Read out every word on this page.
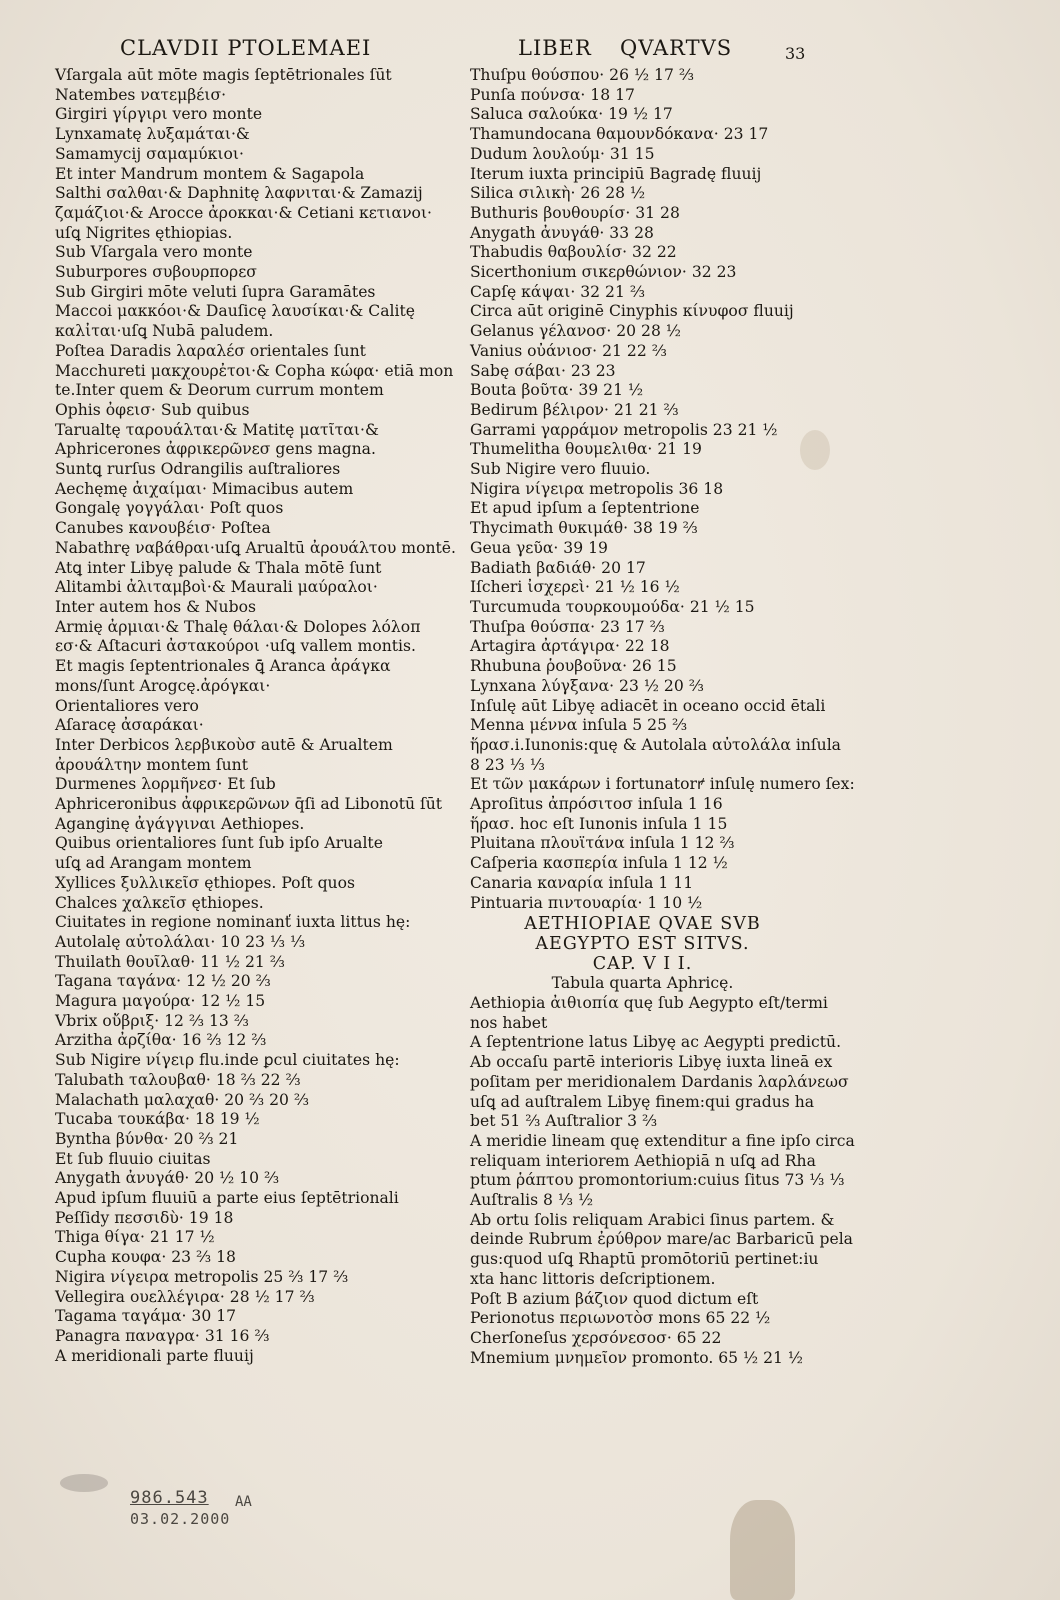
CLAVDII PTOLEMAEI	LIBER QVARTVS	33
Vſargala aūt mōte magis ſeptētrionales ſūt
Natembes νατεμβέισ·
Girgiri γίργιρι vero monte
Lynxamatę λυξαμάται·&
Samamycij σαμαμύκιοι·
Et inter Mandrum montem & Sagapola
Salthi σαλθαι·& Daphnitę λαφνιται·& Zamazij
ζαμάζιοι·& Arocce ἀροκκαι·& Cetiani κετιανοι·
uſꝗ Nigrites ęthiopias.
Sub Vſargala vero monte
Suburpores συβουρπορεσ
Sub Girgiri mōte veluti ſupra Garamātes
Maccoi μακκόοι·& Dauſicę λαυσίκαι·& Calitę
καλἰται·uſꝗ Nubā paludem.
Poſtea Daradis λαραλέσ orientales ſunt
Macchureti μακχουρἐτοι·& Copha κώφα· etiā mon
te.Inter quem & Deorum currum montem
Ophis ὀφεισ· Sub quibus
Tarualtę ταρουάλται·& Matitę ματῖται·&
Aphricerones ἀφρικερῶνεσ gens magna.
Suntꝗ rurſus Odrangilis auſtraliores
Aechęmę ἀιχαίμαι· Mimacibus autem
Gongalę γογγάλαι· Poſt quos
Canubes κανουβέισ· Poſtea
Nabathrę ναβάθραι·uſꝗ Arualtū ἀρουάλτου montē.
Atꝗ inter Libyę palude & Thala mōtē ſunt
Alitambi ἀλιταμβοὶ·& Maurali μαύραλοι·
Inter autem hos & Nubos
Armię ἀρμιαι·& Thalę θάλαι·& Dolopes λόλοπ
εσ·& Aſtacuri ἀστακούροι ·uſꝗ vallem montis.
Et magis ſeptentrionales ꝗ̄ Aranca ἀράγκα
mons/ſunt Arogcę.ἀρόγκαι·
Orientaliores vero
Aſaracę ἀσαράκαι·
Inter Derbicos λερβικοὺσ autē & Arualtem
ἀρουάλτην montem ſunt
Durmenes λορμῆνεσ· Et ſub
Aphriceronibus ἀφρικερῶνων q̄ſi ad Libonotū ſūt
Aganginę ἀγάγγιναι Aethiopes.
Quibus orientaliores ſunt ſub ipſo Arualte
uſꝗ ad Arangam montem
Xyllices ξυλλικεῖσ ęthiopes. Poſt quos
Chalces χαλκεῖσ ęthiopes.
Ciuitates in regione nominanť iuxta littus hę:
Autolalę αὐτολάλαι· 10 23 ⅓ ⅓
Thuilath θουῖλαθ· 11 ½ 21 ⅔
Tagana ταγάνα· 12 ½ 20 ⅔
Magura μαγούρα· 12 ½ 15
Vbrix οὔβριξ· 12 ⅔ 13 ⅔
Arzitha ἀρζίθα· 16 ⅔ 12 ⅔
Sub Nigire νίγειρ flu.inde ꝑcul ciuitates hę:
Talubath ταλουβαθ· 18 ⅔ 22 ⅔
Malachath μαλαχαθ· 20 ⅔ 20 ⅔
Tucaba τουκάβα· 18 19 ½
Byntha βύνθα· 20 ⅔ 21
Et ſub fluuio ciuitas
Anygath ἀνυγάθ· 20 ½ 10 ⅔
Apud ipſum fluuiū a parte eius ſeptētrionali
Peſſidy πεσσιδὺ· 19 18
Thiga θίγα· 21 17 ½
Cupha κουφα· 23 ⅔ 18
Nigira νίγειρα metropolis 25 ⅔ 17 ⅔
Vellegira ουελλέγιρα· 28 ½ 17 ⅔
Tagama ταγάμα· 30 17
Panagra παναγρα· 31 16 ⅔
A meridionali parte fluuij
Thuſpu θούσπου· 26 ½ 17 ⅔
Punſa πούνσα· 18 17
Saluca σαλούκα· 19 ½ 17
Thamundocana θαμουνδόκανα· 23 17
Dudum λουλούμ· 31 15
Iterum iuxta principiū Bagradę fluuij
Silica σιλικὴ· 26 28 ½
Buthuris βουθουρίσ· 31 28
Anygath ἀνυγάθ· 33 28
Thabudis θαβουλίσ· 32 22
Sicerthonium σικερθώνιον· 32 23
Capſę κάψαι· 32 21 ⅔
Circa aūt originē Cinyphis κίνυφοσ fluuij
Gelanus γέλανοσ· 20 28 ½
Vanius οὐάνιοσ· 21 22 ⅔
Sabę σάβαι· 23 23
Bouta βοῦτα· 39 21 ½
Bedirum βέλιρον· 21 21 ⅔
Garrami γαρράμον metropolis 23 21 ½
Thumelitha θουμελιθα· 21 19
Sub Nigire vero fluuio.
Nigira νίγειρα metropolis 36 18
Et apud ipſum a ſeptentrione
Thycimath θυκιμάθ· 38 19 ⅔
Geua γεῦα· 39 19
Badiath βαδιάθ· 20 17
Iſcheri ἰσχερεὶ· 21 ½ 16 ½
Turcumuda τουρκουμούδα· 21 ½ 15
Thuſpa θούσπα· 23 17 ⅔
Artagira ἀρτάγιρα· 22 18
Rhubuna ῥουβοῦνα· 26 15
Lynxana λύγξανα· 23 ½ 20 ⅔
Inſulę aūt Libyę adiacēt in oceano occid ētali
Menna μέννα inſula 5 25 ⅔
ἥρασ.i.Iunonis:quę & Autolala αὐτολάλα inſula
8 23 ⅓ ⅓
Et τῶν μακάρων i fortunatorꝵ inſulę numero ſex:
Aproſitus ἀπρόσιτοσ inſula 1 16
ἥρασ. hoc eſt Iunonis inſula 1 15
Pluitana πλουϊτάνα inſula 1 12 ⅔
Caſperia κασπερία inſula 1 12 ½
Canaria καναρία inſula 1 11
Pintuaria πιντουαρία· 1 10 ½
AETHIOPIAE QVAE SVB
AEGYPTO EST SITVS.
CAP. V I I.
Tabula quarta Aphricę.
Aethiopia ἀιθιοπία quę ſub Aegypto eſt/termi
nos habet
A ſeptentrione latus Libyę ac Aegypti predictū.
Ab occaſu partē interioris Libyę iuxta lineā ex
poſitam per meridionalem Dardanis λαρλάνεωσ
uſꝗ ad auſtralem Libyę finem:qui gradus ha
bet 51 ⅔ Auſtralior 3 ⅔
A meridie lineam quę extenditur a fine ipſo circa
reliquam interiorem Aethiopiā n uſꝗ ad Rha
ptum ῥάπτου promontorium:cuius ſitus 73 ⅓ ⅓
Auſtralis 8 ⅓ ½
Ab ortu ſolis reliquam Arabici ſinus partem. &
deinde Rubrum ἐρύθρον mare/ac Barbaricū pela
gus:quod uſꝗ Rhaptū promōtoriū pertinet:iu
xta hanc littoris deſcriptionem.
Poſt B azium βάζιον quod dictum eſt
Perionotus περιωνοτὸσ mons 65 22 ½
Cherſoneſus χερσόνεσοσ· 65 22
Mnemium μνημεῖον promonto. 65 ½ 21 ½
986.543	AA
03.02.2000
